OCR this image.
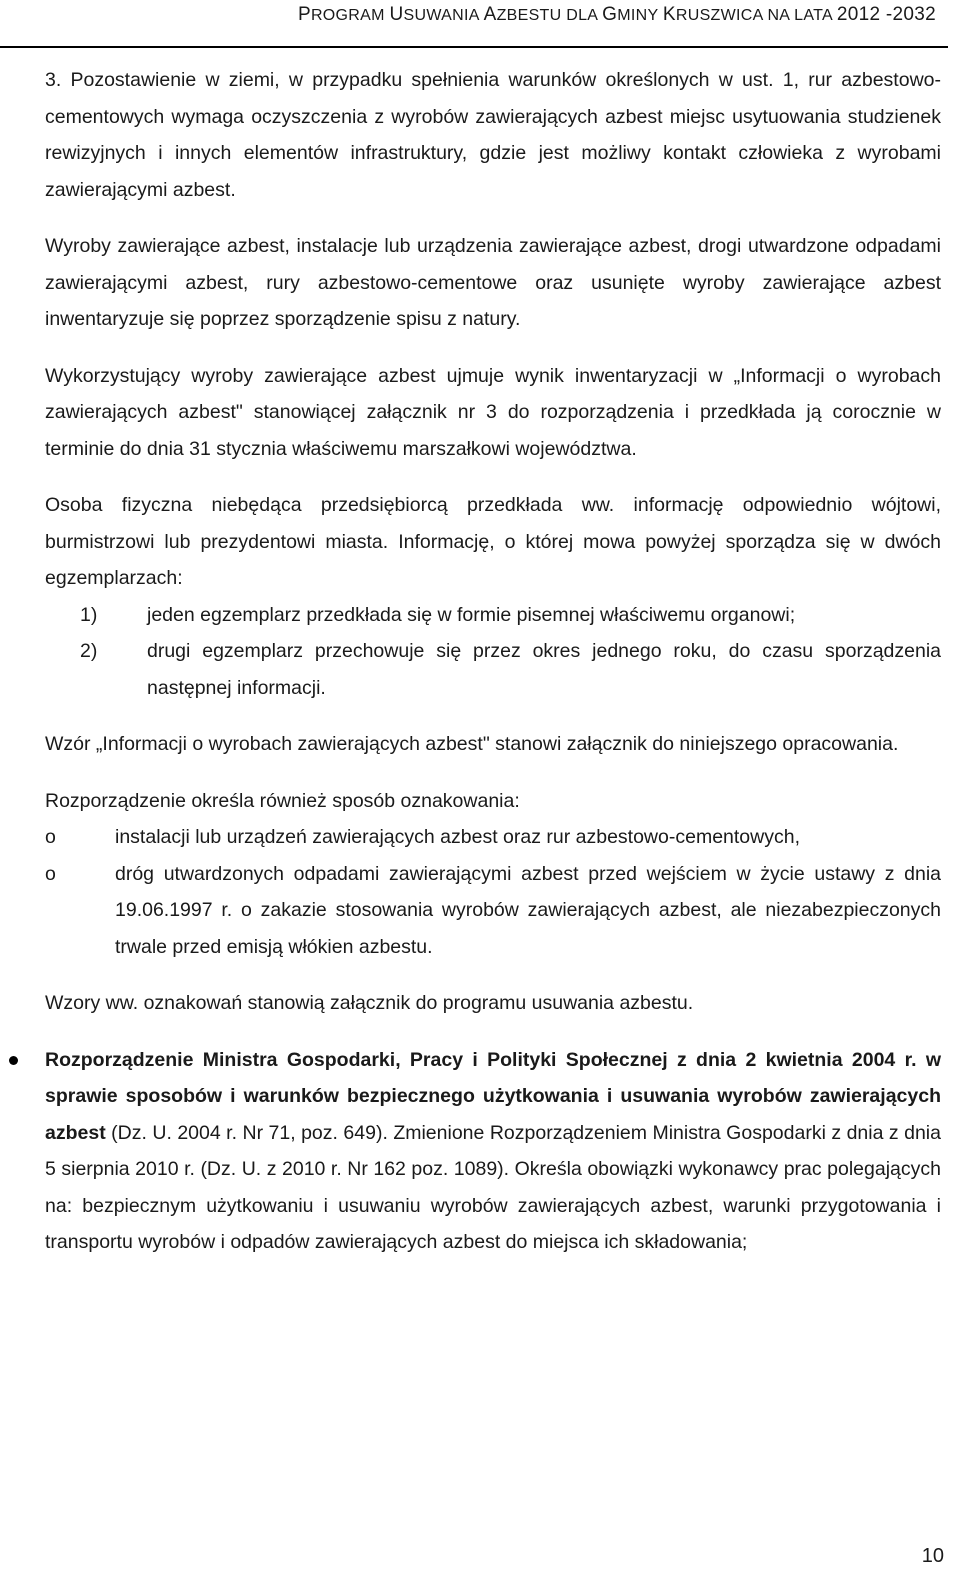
PROGRAM USUWANIA AZBESTU DLA GMINY KRUSZWICA NA LATA 2012 -2032

3. Pozostawienie w ziemi, w przypadku spełnienia warunków określonych w ust. 1, rur azbestowo-cementowych wymaga oczyszczenia z wyrobów zawierających azbest miejsc usytuowania studzienek rewizyjnych i innych elementów infrastruktury, gdzie jest możliwy kontakt człowieka z wyrobami zawierającymi azbest.

Wyroby zawierające azbest, instalacje lub urządzenia zawierające azbest, drogi utwardzone odpadami zawierającymi azbest, rury azbestowo-cementowe oraz usunięte wyroby zawierające azbest inwentaryzuje się poprzez sporządzenie spisu z natury.

Wykorzystujący wyroby zawierające azbest ujmuje wynik inwentaryzacji w „Informacji o wyrobach zawierających azbest" stanowiącej załącznik nr 3 do rozporządzenia i przedkłada ją corocznie w terminie do dnia 31 stycznia właściwemu marszałkowi województwa.

Osoba fizyczna niebędąca przedsiębiorcą przedkłada ww. informację odpowiednio wójtowi, burmistrzowi lub prezydentowi miasta. Informację, o której mowa powyżej sporządza się w dwóch egzemplarzach:

1)	jeden egzemplarz przedkłada się w formie pisemnej właściwemu organowi;
2)	drugi egzemplarz przechowuje się przez okres jednego roku, do czasu sporządzenia następnej informacji.

Wzór „Informacji o wyrobach zawierających azbest" stanowi załącznik do niniejszego opracowania.

Rozporządzenie określa również sposób oznakowania:

o	instalacji lub urządzeń zawierających azbest oraz rur azbestowo-cementowych,
o	dróg utwardzonych odpadami zawierającymi azbest przed wejściem w życie ustawy z dnia 19.06.1997 r. o zakazie stosowania wyrobów zawierających azbest, ale niezabezpieczonych trwale przed emisją włókien azbestu.

Wzory ww. oznakowań stanowią załącznik do programu usuwania azbestu.

Rozporządzenie Ministra Gospodarki, Pracy i Polityki Społecznej z dnia 2 kwietnia 2004 r. w sprawie sposobów i warunków bezpiecznego użytkowania i usuwania wyrobów zawierających azbest (Dz. U. 2004 r. Nr 71, poz. 649). Zmienione Rozporządzeniem Ministra Gospodarki z dnia z dnia 5 sierpnia 2010 r. (Dz. U. z 2010 r. Nr 162 poz. 1089). Określa obowiązki wykonawcy prac polegających na: bezpiecznym użytkowaniu i usuwaniu wyrobów zawierających azbest, warunki przygotowania i transportu wyrobów i odpadów zawierających azbest do miejsca ich składowania;

10
